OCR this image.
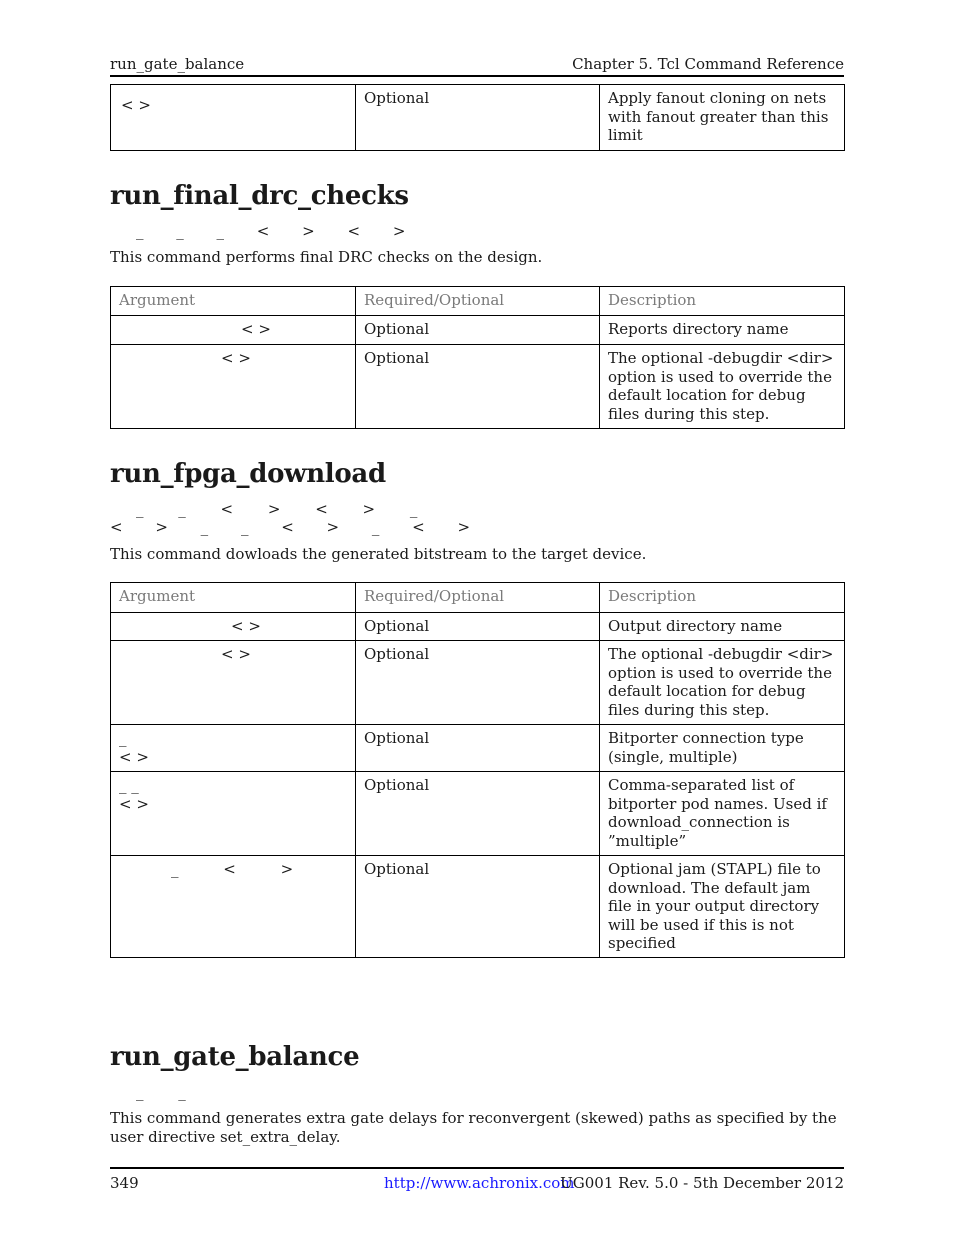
run_gate_balance	Chapter 5. Tcl Command Reference
< >	Optional	Apply fanout cloning on nets with fanout greater than this limit
run_final_drc_checks
_ _ _ < > < >
This command performs final DRC checks on the design.
Argument	Required/Optional	Description

< >	Optional	Reports directory name

< >	Optional	The optional -debugdir <dir> option is used to override the default location for debug files during this step.
run_fpga_download
_ _ < > < > _
< > _ _ < > _ < >
This command dowloads the generated bitstream to the target device.
Argument	Required/Optional	Description

< >	Optional	Output directory name

< >	Optional	The optional -debugdir <dir> option is used to override the default location for debug files during this step.

_
< >	Optional	Bitporter connection type (single, multiple)

_ _
< >	Optional	Comma-separated list of bitporter pod names. Used if download_connection is ”multiple”

_ < >	Optional	Optional jam (STAPL) file to download. The default jam file in your output directory will be used if this is not specified
run_gate_balance
_ _
This command generates extra gate delays for reconvergent (skewed) paths as specified by the user directive set_extra_delay.
349	http://www.achronix.com
UG001 Rev. 5.0 - 5th December 2012
